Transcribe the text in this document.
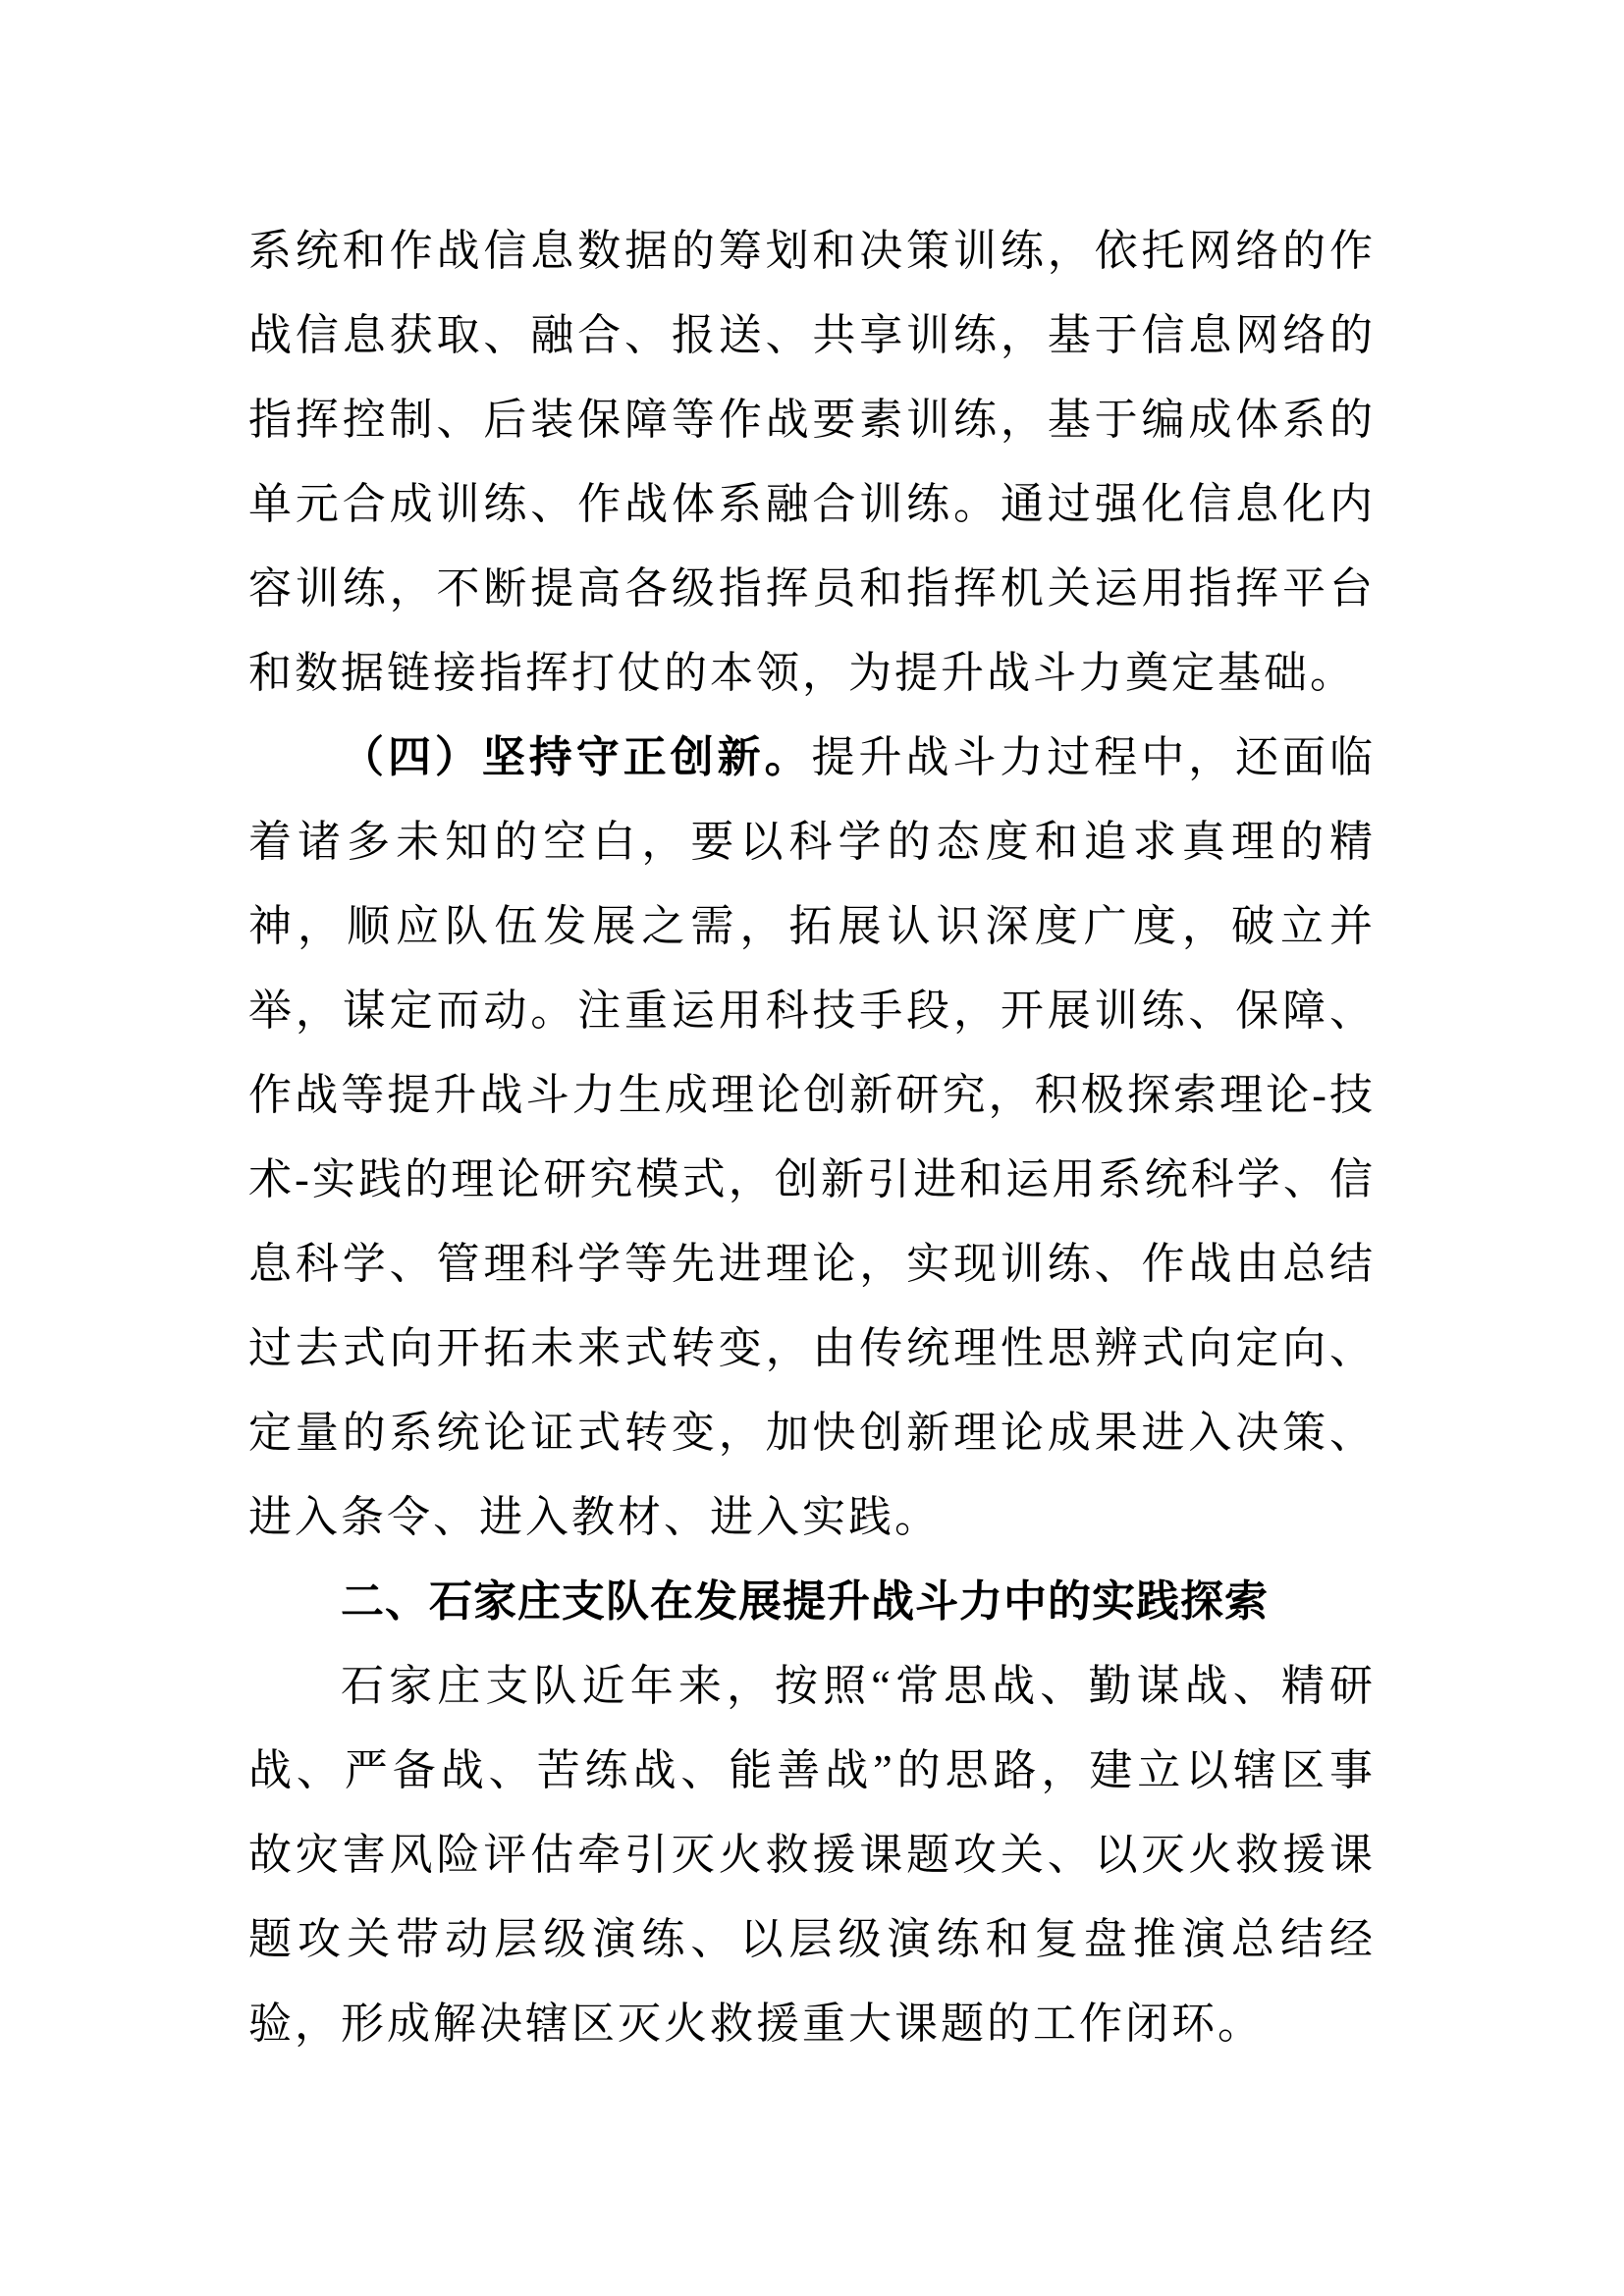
系统和作战信息数据的筹划和决策训练，依托网络的作战信息获取、融合、报送、共享训练，基于信息网络的指挥控制、后装保障等作战要素训练，基于编成体系的单元合成训练、作战体系融合训练。通过强化信息化内容训练，不断提高各级指挥员和指挥机关运用指挥平台和数据链接指挥打仗的本领，为提升战斗力奠定基础。

（四）坚持守正创新。提升战斗力过程中，还面临着诸多未知的空白，要以科学的态度和追求真理的精神，顺应队伍发展之需，拓展认识深度广度，破立并举，谋定而动。注重运用科技手段，开展训练、保障、作战等提升战斗力生成理论创新研究，积极探索理论-技术-实践的理论研究模式，创新引进和运用系统科学、信息科学、管理科学等先进理论，实现训练、作战由总结过去式向开拓未来式转变，由传统理性思辨式向定向、定量的系统论证式转变，加快创新理论成果进入决策、进入条令、进入教材、进入实践。

二、石家庄支队在发展提升战斗力中的实践探索

石家庄支队近年来，按照“常思战、勤谋战、精研战、严备战、苦练战、能善战”的思路，建立以辖区事故灾害风险评估牵引灭火救援课题攻关、以灭火救援课题攻关带动层级演练、以层级演练和复盘推演总结经验，形成解决辖区灭火救援重大课题的工作闭环。
